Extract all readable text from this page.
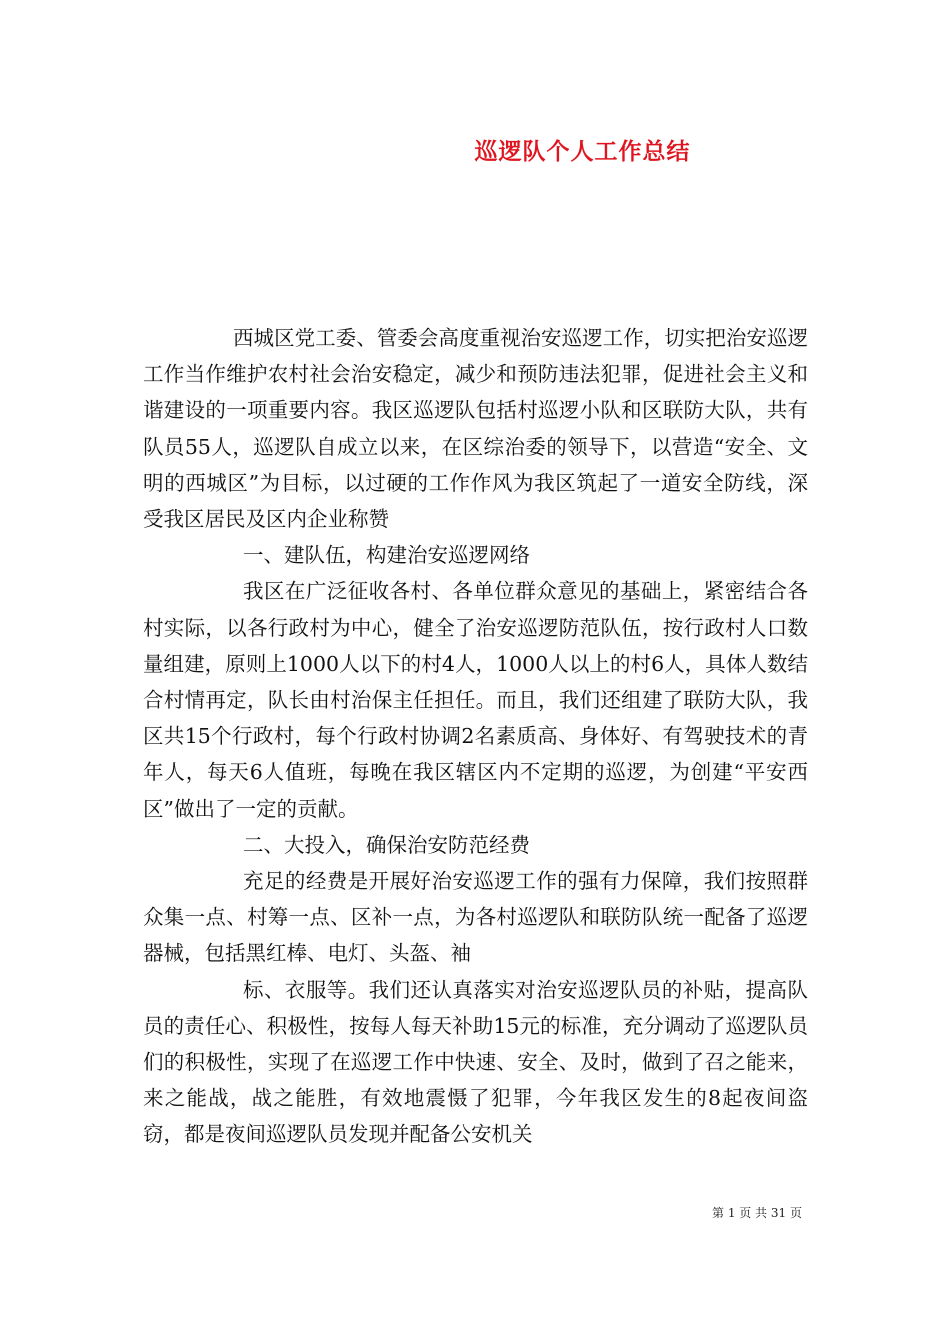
巡逻队个人工作总结

西城区党工委、管委会高度重视治安巡逻工作，切实把治安巡逻工作当作维护农村社会治安稳定，减少和预防违法犯罪，促进社会主义和谐建设的一项重要内容。我区巡逻队包括村巡逻小队和区联防大队，共有队员55人，巡逻队自成立以来，在区综治委的领导下，以营造“安全、文明的西城区”为目标，以过硬的工作作风为我区筑起了一道安全防线，深受我区居民及区内企业称赞

一、建队伍，构建治安巡逻网络

我区在广泛征收各村、各单位群众意见的基础上，紧密结合各村实际，以各行政村为中心，健全了治安巡逻防范队伍，按行政村人口数量组建，原则上1000人以下的村4人，1000人以上的村6人，具体人数结合村情再定，队长由村治保主任担任。而且，我们还组建了联防大队，我区共15个行政村，每个行政村协调2名素质高、身体好、有驾驶技术的青年人，每天6人值班，每晚在我区辖区内不定期的巡逻，为创建“平安西区”做出了一定的贡献。

二、大投入，确保治安防范经费

充足的经费是开展好治安巡逻工作的强有力保障，我们按照群众集一点、村筹一点、区补一点，为各村巡逻队和联防队统一配备了巡逻器械，包括黑红棒、电灯、头盔、袖

标、衣服等。我们还认真落实对治安巡逻队员的补贴，提高队员的责任心、积极性，按每人每天补助15元的标准，充分调动了巡逻队员们的积极性，实现了在巡逻工作中快速、安全、及时，做到了召之能来，来之能战，战之能胜，有效地震慑了犯罪，今年我区发生的8起夜间盗窃，都是夜间巡逻队员发现并配备公安机关

第 1 页 共 31 页
